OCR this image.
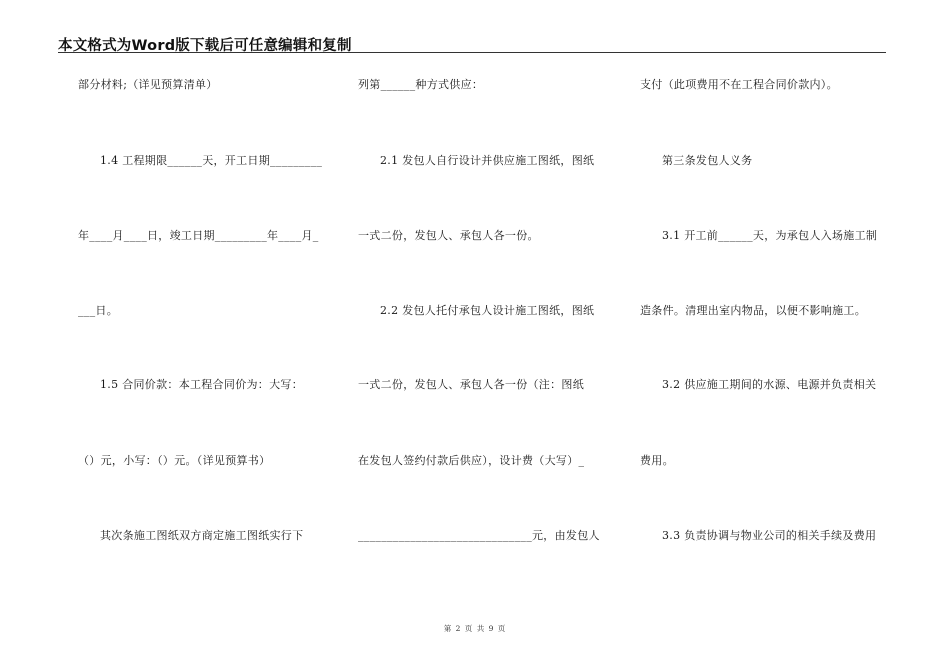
本文格式为Word版下载后可任意编辑和复制
部分材料;（详见预算清单）
1.4 工程期限______天，开工日期_________
年____月____日，竣工日期_________年____月_
___日。
1.5 合同价款：本工程合同价为：大写：
（）元，小写：（）元。（详见预算书）
其次条施工图纸双方商定施工图纸实行下
列第______种方式供应：
2.1 发包人自行设计并供应施工图纸，图纸
一式二份，发包人、承包人各一份。
2.2 发包人托付承包人设计施工图纸，图纸
一式二份，发包人、承包人各一份（注：图纸
在发包人签约付款后供应），设计费（大写）_
______________________________元，由发包人
支付（此项费用不在工程合同价款内）。
第三条发包人义务
3.1 开工前______天，为承包人入场施工制
造条件。清理出室内物品，以便不影响施工。
3.2 供应施工期间的水源、电源并负责相关
费用。
3.3 负责协调与物业公司的相关手续及费用
第 2 页 共 9 页
